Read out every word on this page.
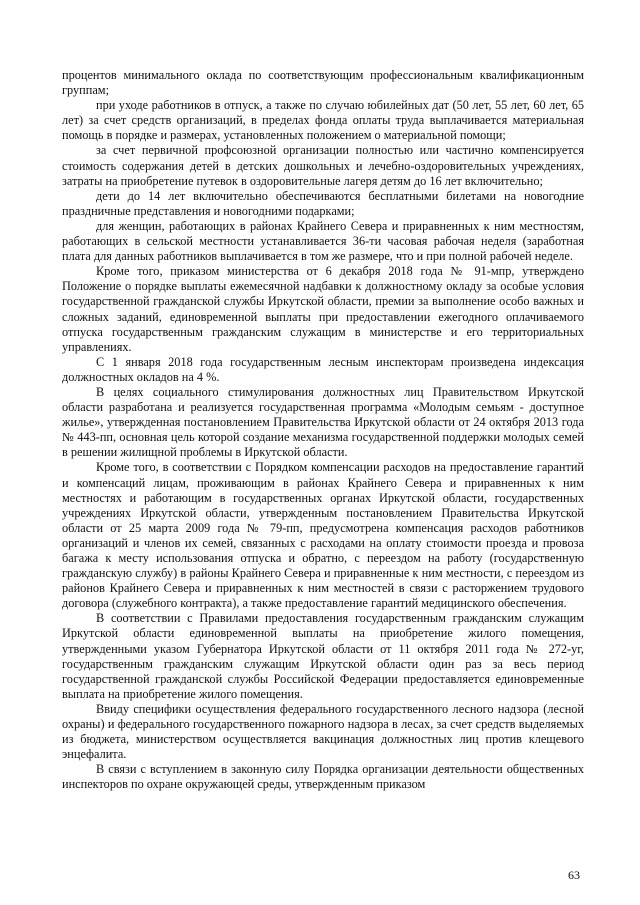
процентов минимального оклада по соответствующим профессиональным квалификационным группам;

при уходе работников в отпуск, а также по случаю юбилейных дат (50 лет, 55 лет, 60 лет, 65 лет) за счет средств организаций, в пределах фонда оплаты труда выплачивается материальная помощь в порядке и размерах, установленных положением о материальной помощи;

за счет первичной профсоюзной организации полностью или частично компенсируется стоимость содержания детей в детских дошкольных и лечебно-оздоровительных учреждениях, затраты на приобретение путевок в оздоровительные лагеря детям до 16 лет включительно;

дети до 14 лет включительно обеспечиваются бесплатными билетами на новогодние праздничные представления и новогодними подарками;

для женщин, работающих в районах Крайнего Севера и приравненных к ним местностям, работающих в сельской местности устанавливается 36-ти часовая рабочая неделя (заработная плата для данных работников выплачивается в том же размере, что и при полной рабочей неделе.

Кроме того, приказом министерства от 6 декабря 2018 года № 91-мпр, утверждено Положение о порядке выплаты ежемесячной надбавки к должностному окладу за особые условия государственной гражданской службы Иркутской области, премии за выполнение особо важных и сложных заданий, единовременной выплаты при предоставлении ежегодного оплачиваемого отпуска государственным гражданским служащим в министерстве и его территориальных управлениях.

С 1 января 2018 года государственным лесным инспекторам произведена индексация должностных окладов на 4 %.

В целях социального стимулирования должностных лиц Правительством Иркутской области разработана и реализуется государственная программа «Молодым семьям - доступное жилье», утвержденная постановлением Правительства Иркутской области от 24 октября 2013 года № 443-пп, основная цель которой создание механизма государственной поддержки молодых семей в решении жилищной проблемы в Иркутской области.

Кроме того, в соответствии с Порядком компенсации расходов на предоставление гарантий и компенсаций лицам, проживающим в районах Крайнего Севера и приравненных к ним местностях и работающим в государственных органах Иркутской области, государственных учреждениях Иркутской области, утвержденным постановлением Правительства Иркутской области от 25 марта 2009 года № 79-пп, предусмотрена компенсация расходов работников организаций и членов их семей, связанных с расходами на оплату стоимости проезда и провоза багажа к месту использования отпуска и обратно, с переездом на работу (государственную гражданскую службу) в районы Крайнего Севера и приравненные к ним местности, с переездом из районов Крайнего Севера и приравненных к ним местностей в связи с расторжением трудового договора (служебного контракта), а также предоставление гарантий медицинского обеспечения.

В соответствии с Правилами предоставления государственным гражданским служащим Иркутской области единовременной выплаты на приобретение жилого помещения, утвержденными указом Губернатора Иркутской области от 11 октября 2011 года № 272-уг, государственным гражданским служащим Иркутской области один раз за весь период государственной гражданской службы Российской Федерации предоставляется единовременные выплата на приобретение жилого помещения.

Ввиду специфики осуществления федерального государственного лесного надзора (лесной охраны) и федерального государственного пожарного надзора в лесах, за счет средств выделяемых из бюджета, министерством осуществляется вакцинация должностных лиц против клещевого энцефалита.

В связи с вступлением в законную силу Порядка организации деятельности общественных инспекторов по охране окружающей среды, утвержденным приказом

63
